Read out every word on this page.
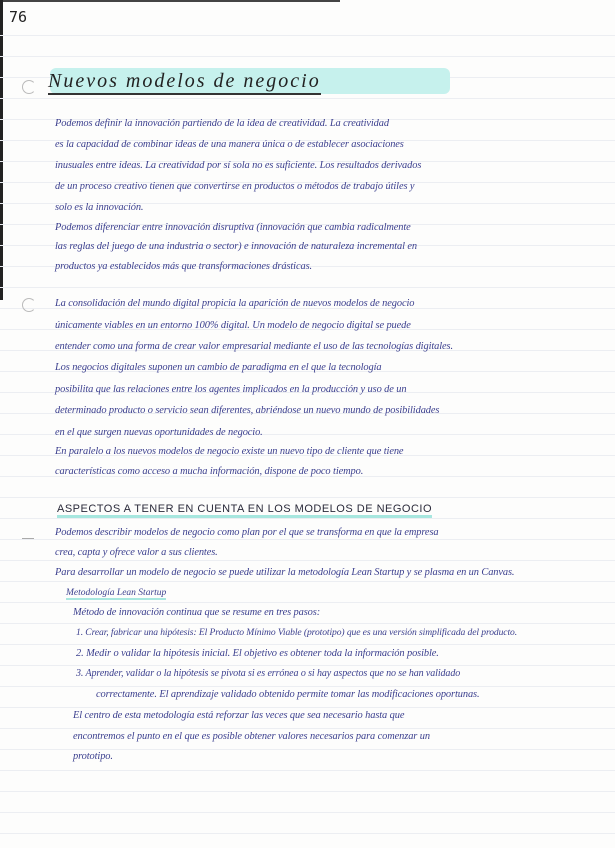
76
Nuevos modelos de negocio
Podemos definir la innovación partiendo de la idea de creatividad. La creatividad
es la capacidad de combinar ideas de una manera única o de establecer asociaciones
inusuales entre ideas. La creatividad por sí sola no es suficiente. Los resultados derivados
de un proceso creativo tienen que convertirse en productos o métodos de trabajo útiles y
solo es la innovación.
Podemos diferenciar entre innovación disruptiva (innovación que cambia radicalmente
las reglas del juego de una industria o sector) e innovación de naturaleza incremental en
productos ya establecidos más que transformaciones drásticas.
La consolidación del mundo digital propicia la aparición de nuevos modelos de negocio
únicamente viables en un entorno 100% digital. Un modelo de negocio digital se puede
entender como una forma de crear valor empresarial mediante el uso de las tecnologías digitales.
Los negocios digitales suponen un cambio de paradigma en el que la tecnología
posibilita que las relaciones entre los agentes implicados en la producción y uso de un
determinado producto o servicio sean diferentes, abriéndose un nuevo mundo de posibilidades
en el que surgen nuevas oportunidades de negocio.
En paralelo a los nuevos modelos de negocio existe un nuevo tipo de cliente que tiene
características como acceso a mucha información, dispone de poco tiempo.
ASPECTOS A TENER EN CUENTA EN LOS MODELOS DE NEGOCIO
Podemos describir modelos de negocio como plan por el que se transforma en que la empresa
crea, capta y ofrece valor a sus clientes.
Para desarrollar un modelo de negocio se puede utilizar la metodología Lean Startup y se plasma en un Canvas.
Metodología Lean Startup
Método de innovación continua que se resume en tres pasos:
1. Crear, fabricar una hipótesis: El Producto Mínimo Viable (prototipo) que es una versión simplificada del producto.
2. Medir o validar la hipótesis inicial. El objetivo es obtener toda la información posible.
3. Aprender, validar o la hipótesis se pivota si es errónea o si hay aspectos que no se han validado
correctamente. El aprendizaje validado obtenido permite tomar las modificaciones oportunas.
El centro de esta metodología está reforzar las veces que sea necesario hasta que
encontremos el punto en el que es posible obtener valores necesarios para comenzar un
prototipo.
